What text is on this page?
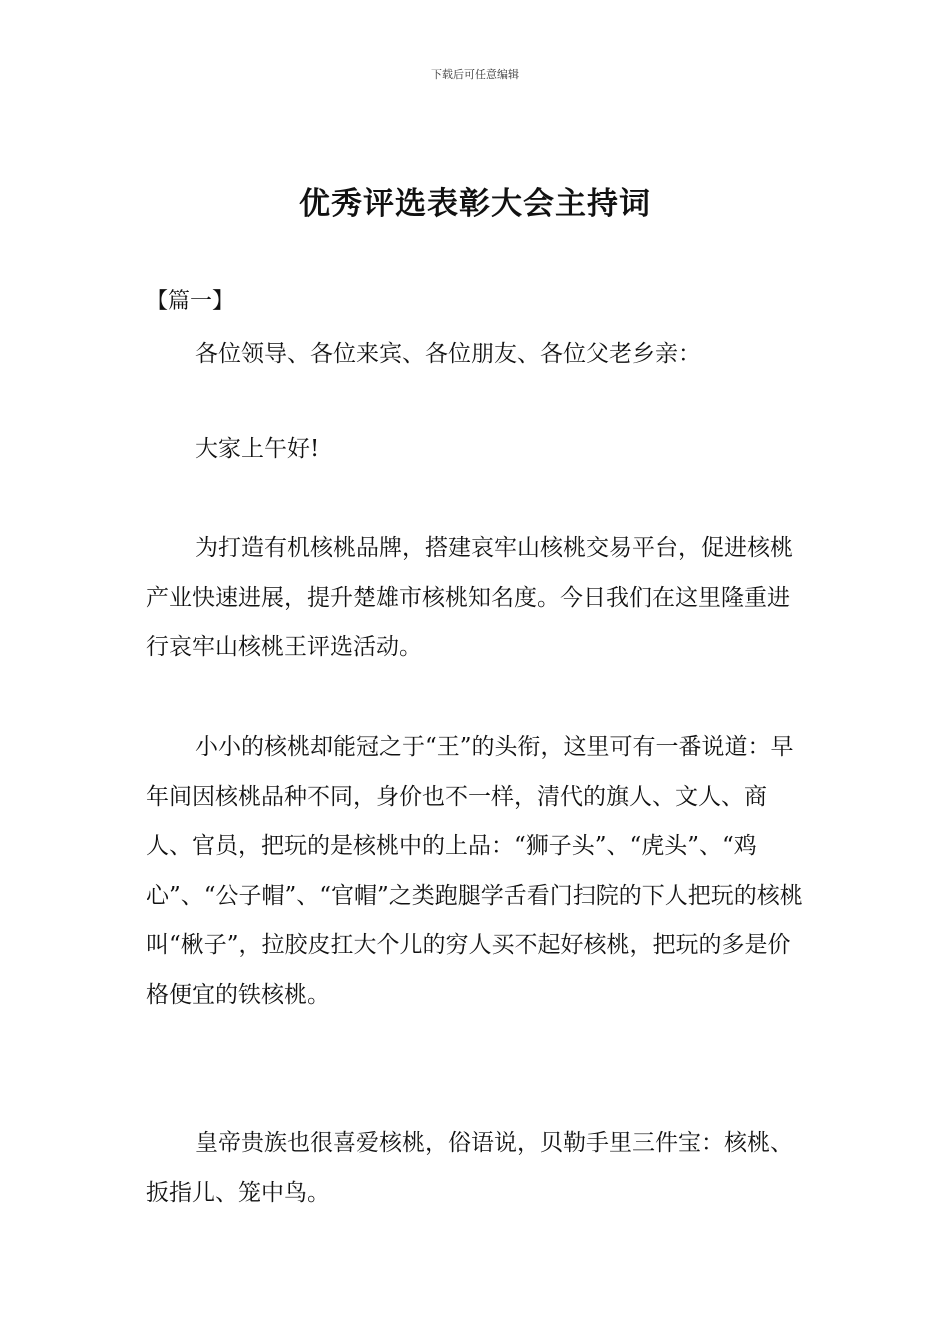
下载后可任意编辑
优秀评选表彰大会主持词
【篇一】

各位领导、各位来宾、各位朋友、各位父老乡亲：

大家上午好!

为打造有机核桃品牌，搭建哀牢山核桃交易平台，促进核桃产业快速进展，提升楚雄市核桃知名度。今日我们在这里隆重进行哀牢山核桃王评选活动。

小小的核桃却能冠之于“王”的头衔，这里可有一番说道：早年间因核桃品种不同，身价也不一样，清代的旗人、文人、商人、官员，把玩的是核桃中的上品：“狮子头”、“虎头”、“鸡心”、“公子帽”、“官帽”之类跑腿学舌看门扫院的下人把玩的核桃叫“楸子”，拉胶皮扛大个儿的穷人买不起好核桃，把玩的多是价格便宜的铁核桃。

皇帝贵族也很喜爱核桃，俗语说，贝勒手里三件宝：核桃、扳指儿、笼中鸟。
